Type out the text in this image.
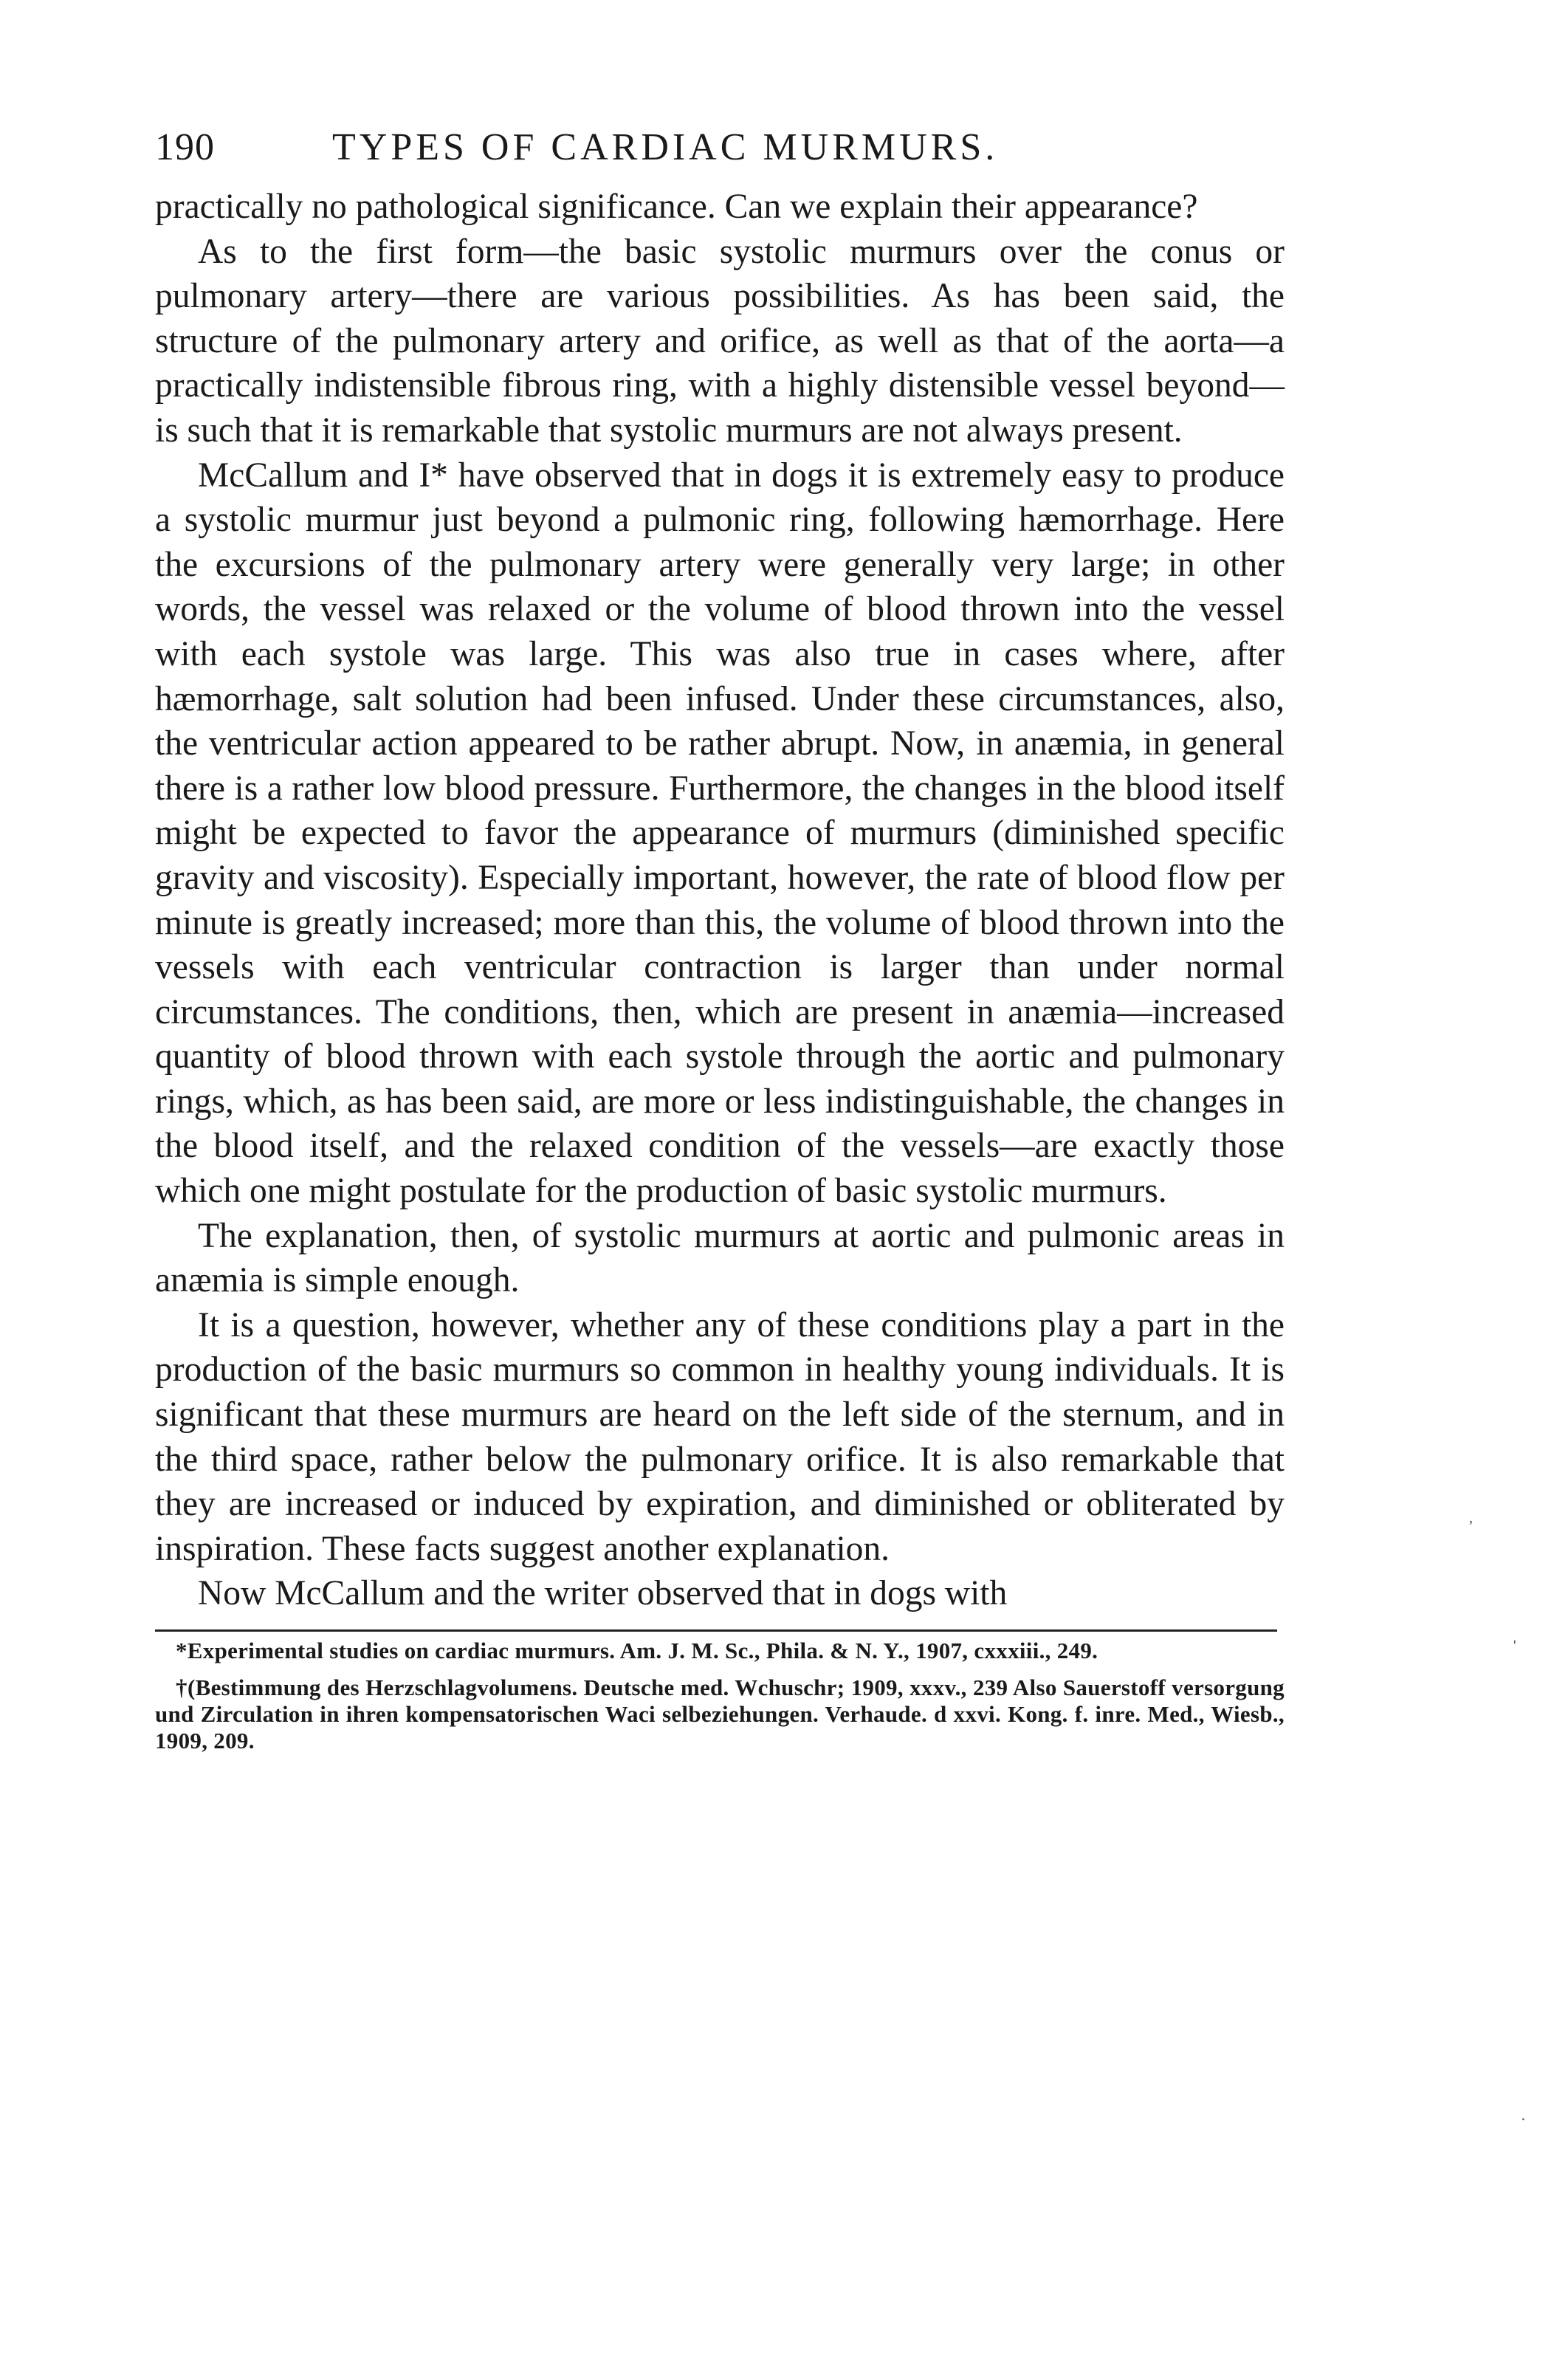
190	TYPES OF CARDIAC MURMURS.

practically no pathological significance. Can we explain their appearance?

As to the first form—the basic systolic murmurs over the conus or pulmonary artery—there are various possibilities. As has been said, the structure of the pulmonary artery and orifice, as well as that of the aorta—a practically indistensible fibrous ring, with a highly distensible vessel beyond—is such that it is remarkable that systolic murmurs are not always present.

McCallum and I* have observed that in dogs it is extremely easy to produce a systolic murmur just beyond a pulmonic ring, following hæmorrhage. Here the excursions of the pulmonary artery were generally very large; in other words, the vessel was relaxed or the volume of blood thrown into the vessel with each systole was large. This was also true in cases where, after hæmorrhage, salt solution had been infused. Under these circumstances, also, the ventricular action appeared to be rather abrupt. Now, in anæmia, in general there is a rather low blood pressure. Furthermore, the changes in the blood itself might be expected to favor the appearance of murmurs (diminished specific gravity and viscosity). Especially important, however, the rate of blood flow per minute is greatly increased; more than this, the volume of blood thrown into the vessels with each ventricular contraction is larger than under normal circumstances. The conditions, then, which are present in anæmia—increased quantity of blood thrown with each systole through the aortic and pulmonary rings, which, as has been said, are more or less indistinguishable, the changes in the blood itself, and the relaxed condition of the vessels—are exactly those which one might postulate for the production of basic systolic murmurs.

The explanation, then, of systolic murmurs at aortic and pulmonic areas in anæmia is simple enough.

It is a question, however, whether any of these conditions play a part in the production of the basic murmurs so common in healthy young individuals. It is significant that these murmurs are heard on the left side of the sternum, and in the third space, rather below the pulmonary orifice. It is also remarkable that they are increased or induced by expiration, and diminished or obliterated by inspiration. These facts suggest another explanation.

Now McCallum and the writer observed that in dogs with

*Experimental studies on cardiac murmurs. Am. J. M. Sc., Phila. & N. Y., 1907, cxxxiii., 249.

†(Bestimmung des Herzschlagvolumens. Deutsche med. Wchuschr; 1909, xxxv., 239 Also Sauerstoff versorgung und Zirculation in ihren kompensatorischen Waci selbeziehungen. Verhaude. d xxvi. Kong. f. inre. Med., Wiesb., 1909, 209.

,
'
·
